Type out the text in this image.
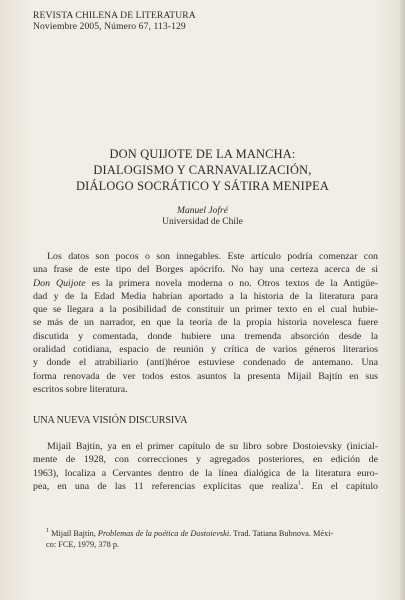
REVISTA CHILENA DE LITERATURA
Noviembre 2005, Número 67, 113-129
DON QUIJOTE DE LA MANCHA:
DIALOGISMO Y CARNAVALIZACIÓN,
DIÁLOGO SOCRÁTICO Y SÁTIRA MENIPEA
Manuel Jofré
Universidad de Chile
Los datos son pocos o son innegables. Este artículo podría comenzar con
una frase de este tipo del Borges apócrifo. No hay una certeza acerca de si
Don Quijote es la primera novela moderna o no. Otros textos de la Antigüe-
dad y de la Edad Media habrían aportado a la historia de la literatura para
que se llegara a la posibilidad de constituir un primer texto en el cual hubie-
se más de un narrador, en que la teoría de la propia historia novelesca fuere
discutida y comentada, donde hubiere una tremenda absorción desde la
oralidad cotidiana, espacio de reunión y crítica de varios géneros literarios
y donde el atrabiliario (anti)héroe estuviese condenado de antemano. Una
forma renovada de ver todos estos asuntos la presenta Mijail Bajtín en sus
escritos sobre literatura.
UNA NUEVA VISIÓN DISCURSIVA
Mijail Bajtín, ya en el primer capítulo de su libro sobre Dostoievsky (inicial-
mente de 1928, con correcciones y agregados posteriores, en edición de
1963), localiza a Cervantes dentro de la línea dialógica de la literatura euro-
pea, en una de las 11 referencias explícitas que realiza$^1$. En el capítulo
$^1$ Mijail Bajtín, Problemas de la poética de Dostoievski. Trad. Tatiana Bubnova. Méxi-
co: FCE, 1979, 378 p.
